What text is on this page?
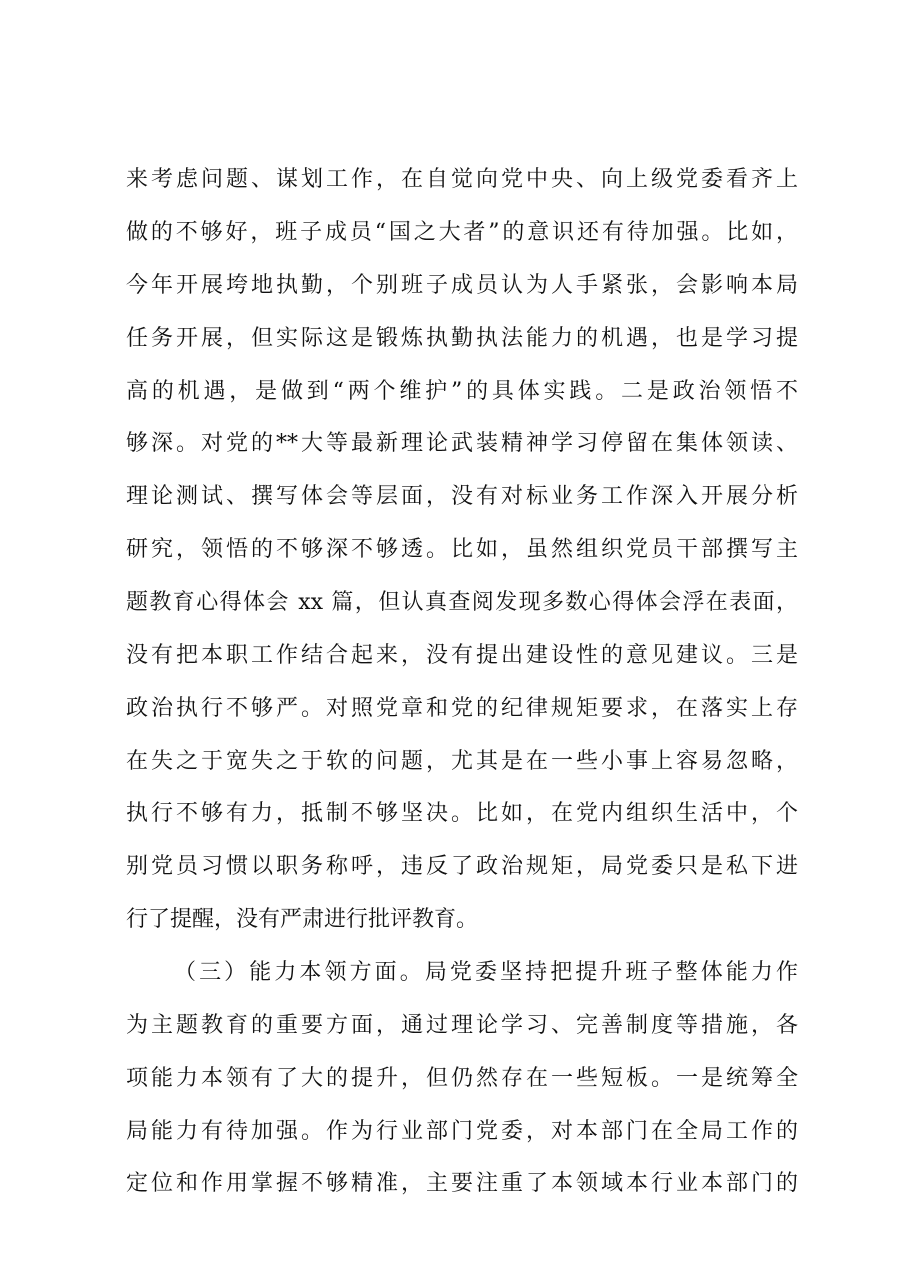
来考虑问题、谋划工作，在自觉向党中央、向上级党委看齐上
做的不够好，班子成员“国之大者”的意识还有待加强。比如，
今年开展垮地执勤，个别班子成员认为人手紧张，会影响本局
任务开展，但实际这是锻炼执勤执法能力的机遇，也是学习提
高的机遇，是做到“两个维护”的具体实践。二是政治领悟不
够深。对党的**大等最新理论武装精神学习停留在集体领读、
理论测试、撰写体会等层面，没有对标业务工作深入开展分析
研究，领悟的不够深不够透。比如，虽然组织党员干部撰写主
题教育心得体会 xx 篇，但认真查阅发现多数心得体会浮在表面，
没有把本职工作结合起来，没有提出建设性的意见建议。三是
政治执行不够严。对照党章和党的纪律规矩要求，在落实上存
在失之于宽失之于软的问题，尤其是在一些小事上容易忽略，
执行不够有力，抵制不够坚决。比如，在党内组织生活中，个
别党员习惯以职务称呼，违反了政治规矩，局党委只是私下进
行了提醒，没有严肃进行批评教育。
（三）能力本领方面。局党委坚持把提升班子整体能力作
为主题教育的重要方面，通过理论学习、完善制度等措施，各
项能力本领有了大的提升，但仍然存在一些短板。一是统筹全
局能力有待加强。作为行业部门党委，对本部门在全局工作的
定位和作用掌握不够精准，主要注重了本领域本行业本部门的
